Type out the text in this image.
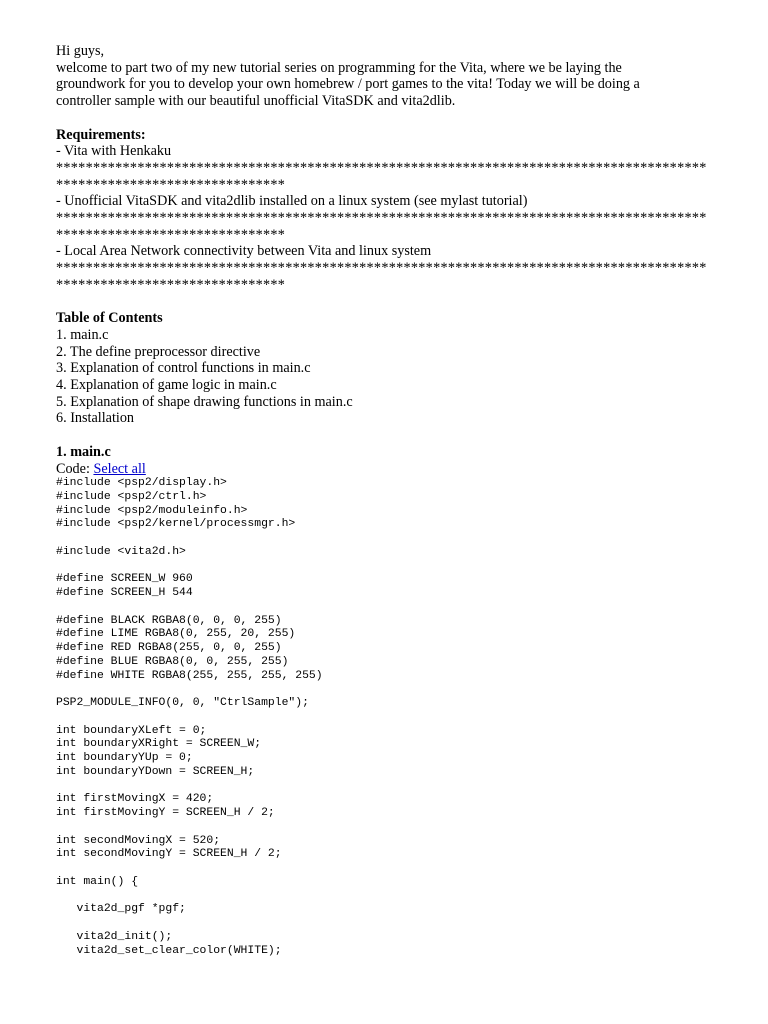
Hi guys,

welcome to part two of my new tutorial series on programming for the Vita, where we be laying the

groundwork for you to develop your own homebrew / port games to the vita! Today we will be doing a

controller sample with our beautiful unofficial VitaSDK and vita2dlib.

Requirements:

- Vita with Henkaku

****************************************************************************************

*******************************

- Unofficial VitaSDK and vita2dlib installed on a linux system (see mylast tutorial)

****************************************************************************************

*******************************

- Local Area Network connectivity between Vita and linux system

****************************************************************************************

*******************************

Table of Contents

1. main.c
2. The define preprocessor directive
3. Explanation of control functions in main.c
4. Explanation of game logic in main.c
5. Explanation of shape drawing functions in main.c
6. Installation

1. main.c

Code: Select all

#include <psp2/display.h>
#include <psp2/ctrl.h>
#include <psp2/moduleinfo.h>
#include <psp2/kernel/processmgr.h>
#include <vita2d.h>
#define SCREEN_W 960
#define SCREEN_H 544
#define BLACK RGBA8(0, 0, 0, 255)
#define LIME RGBA8(0, 255, 20, 255)
#define RED RGBA8(255, 0, 0, 255)
#define BLUE RGBA8(0, 0, 255, 255)
#define WHITE RGBA8(255, 255, 255, 255)
PSP2_MODULE_INFO(0, 0, "CtrlSample");
int boundaryXLeft = 0;
int boundaryXRight = SCREEN_W;
int boundaryYUp = 0;
int boundaryYDown = SCREEN_H;
int firstMovingX = 420;
int firstMovingY = SCREEN_H / 2;
int secondMovingX = 520;
int secondMovingY = SCREEN_H / 2;
int main() {
vita2d_pgf *pgf;
vita2d_init();
vita2d_set_clear_color(WHITE);
